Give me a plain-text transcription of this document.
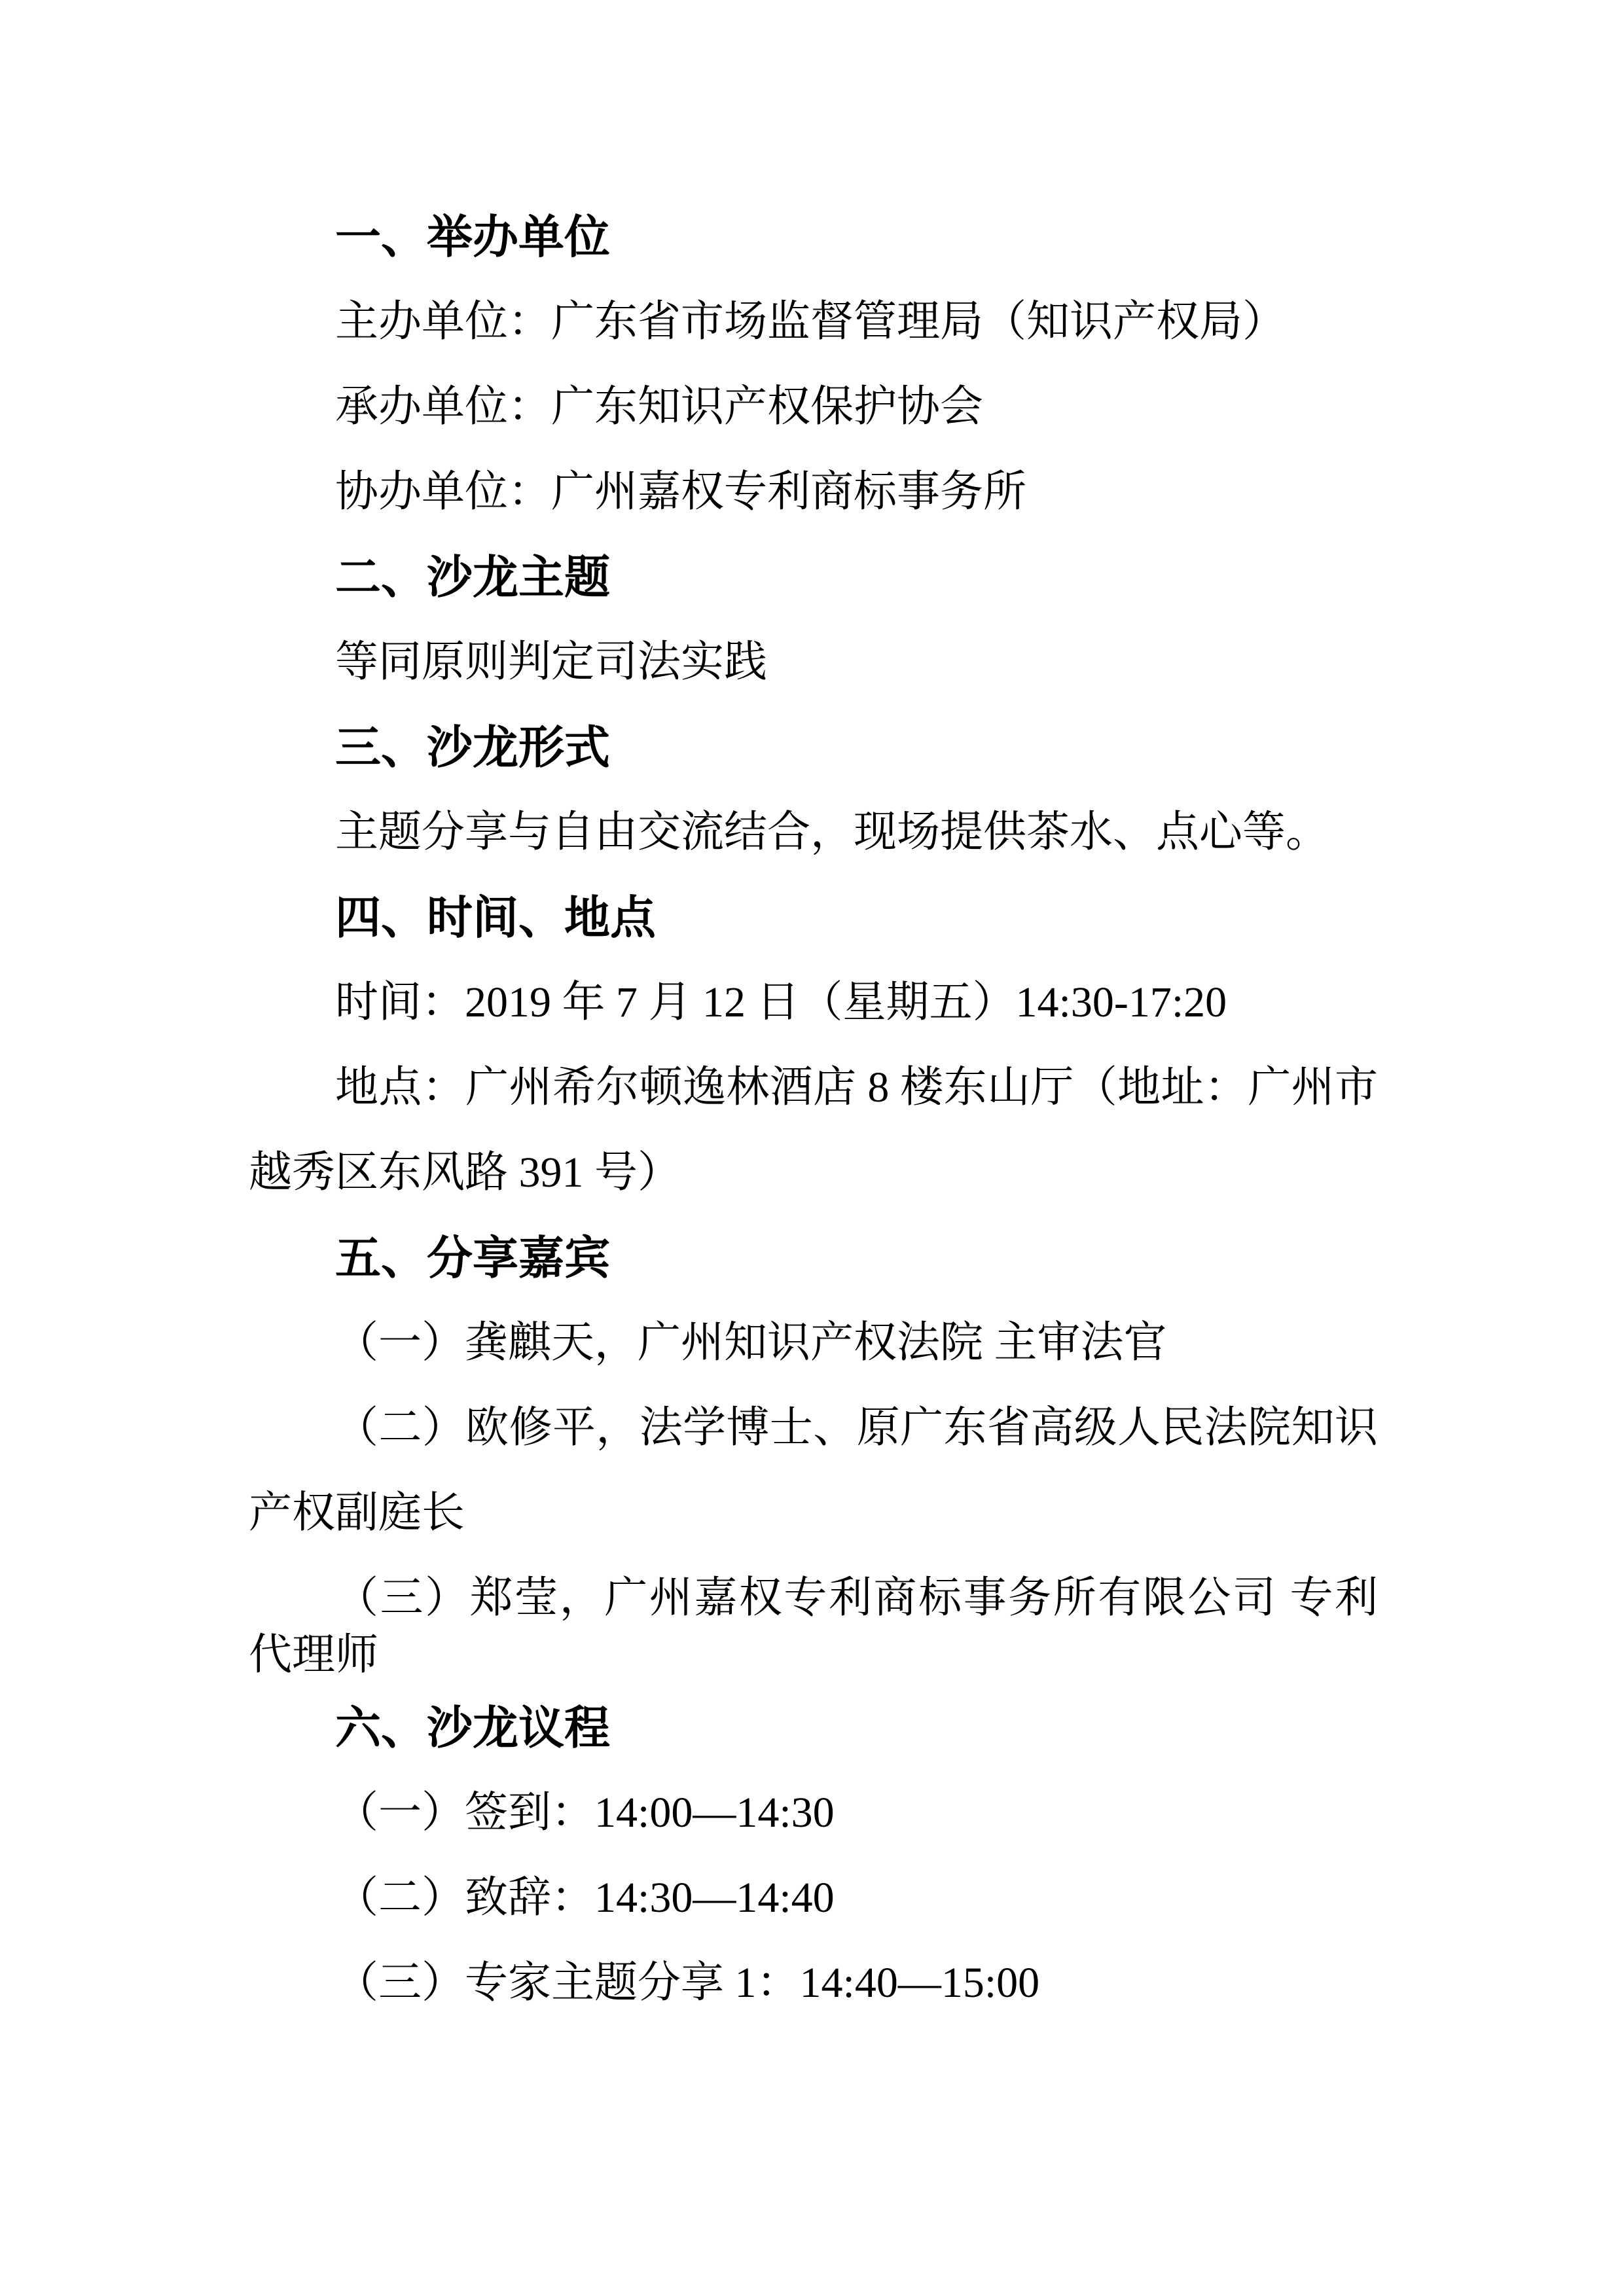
一、举办单位
主办单位：广东省市场监督管理局（知识产权局）
承办单位：广东知识产权保护协会
协办单位：广州嘉权专利商标事务所
二、沙龙主题
等同原则判定司法实践
三、沙龙形式
主题分享与自由交流结合，现场提供茶水、点心等。
四、时间、地点
时间：2019 年 7 月 12 日（星期五）14:30-17:20
地点：广州希尔顿逸林酒店 8 楼东山厅（地址：广州市
越秀区东风路 391 号）
五、分享嘉宾
（一）龚麒天，广州知识产权法院 主审法官
（二）欧修平，法学博士、原广东省高级人民法院知识
产权副庭长
（三）郑莹，广州嘉权专利商标事务所有限公司 专利
代理师
六、沙龙议程
（一）签到：14:00—14:30
（二）致辞：14:30—14:40
（三）专家主题分享 1：14:40—15:00
